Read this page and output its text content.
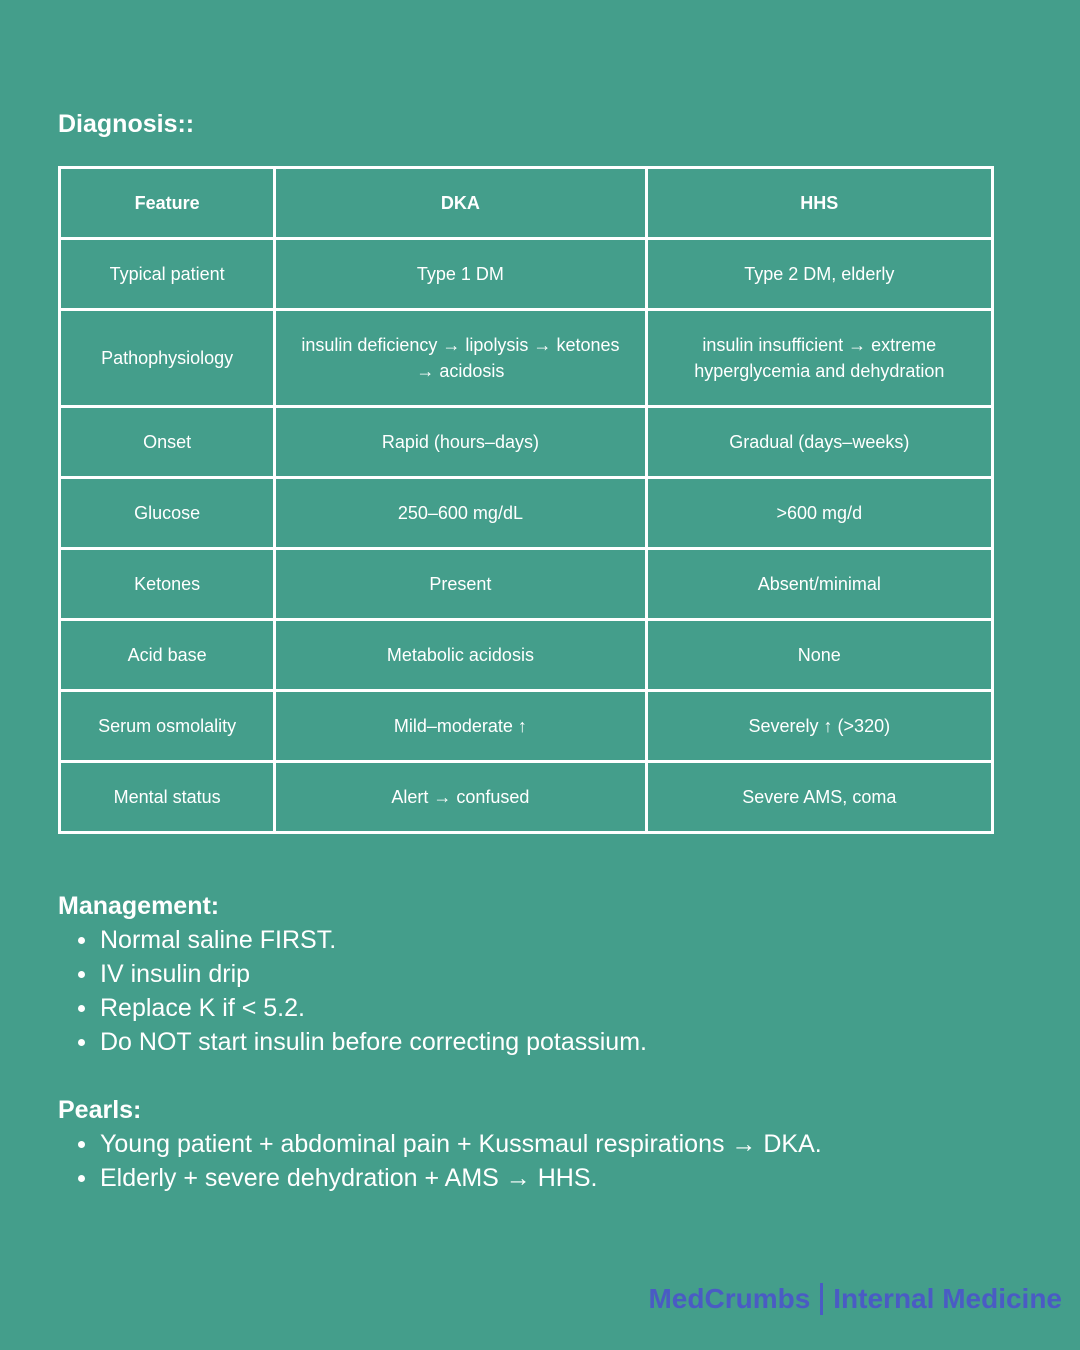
Diagnosis::
Feature	DKA	HHS
Typical patient	Type 1 DM	Type 2 DM, elderly
Pathophysiology	insulin deficiency → lipolysis → ketones → acidosis	insulin insufficient → extreme hyperglycemia and dehydration
Onset	Rapid (hours–days)	Gradual (days–weeks)
Glucose	250–600 mg/dL	>600 mg/d
Ketones	Present	Absent/minimal
Acid base	Metabolic acidosis	None
Serum osmolality	Mild–moderate ↑	Severely ↑ (>320)
Mental status	Alert → confused	Severe AMS, coma
Management:
Normal saline FIRST.
IV insulin drip
Replace K if < 5.2.
Do NOT start insulin before correcting potassium.
Pearls:
Young patient + abdominal pain + Kussmaul respirations → DKA.
Elderly + severe dehydration + AMS → HHS.
MedCrumbs Internal Medicine
